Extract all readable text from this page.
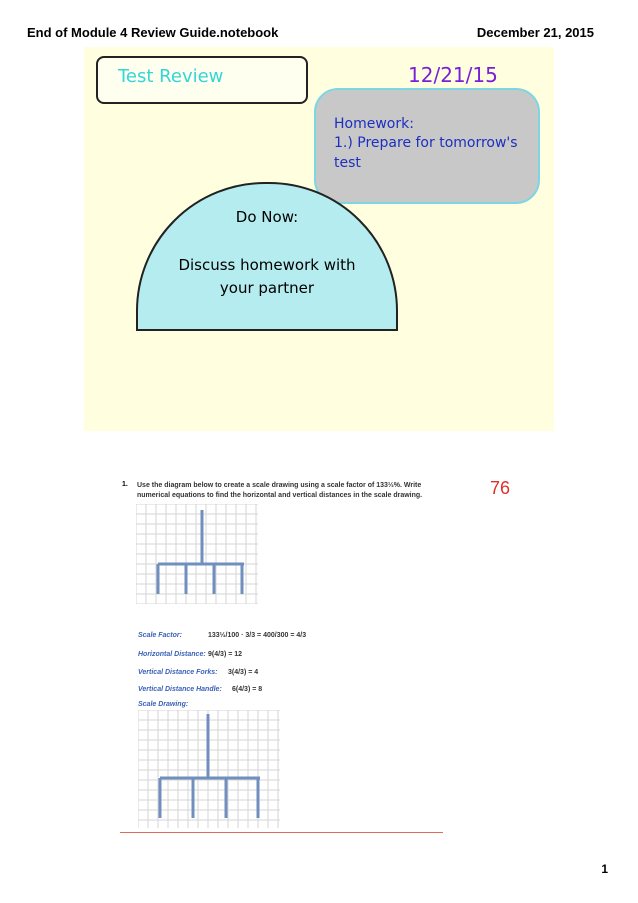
End of Module 4 Review Guide.notebook	December 21, 2015
Test Review	12/21/15
Homework:
1.) Prepare for tomorrow's
test
Do Now:
Discuss homework with
your partner
1. Use the diagram below to create a scale drawing using a scale factor of 133⅓%. Write numerical equations to find the horizontal and vertical distances in the scale drawing.	76
Scale Factor:	133⅓/100 · 3/3 = 400/300 = 4/3
Horizontal Distance: 9(4/3) = 12
Vertical Distance Forks: 3(4/3) = 4
Vertical Distance Handle: 6(4/3) = 8
Scale Drawing:
1
